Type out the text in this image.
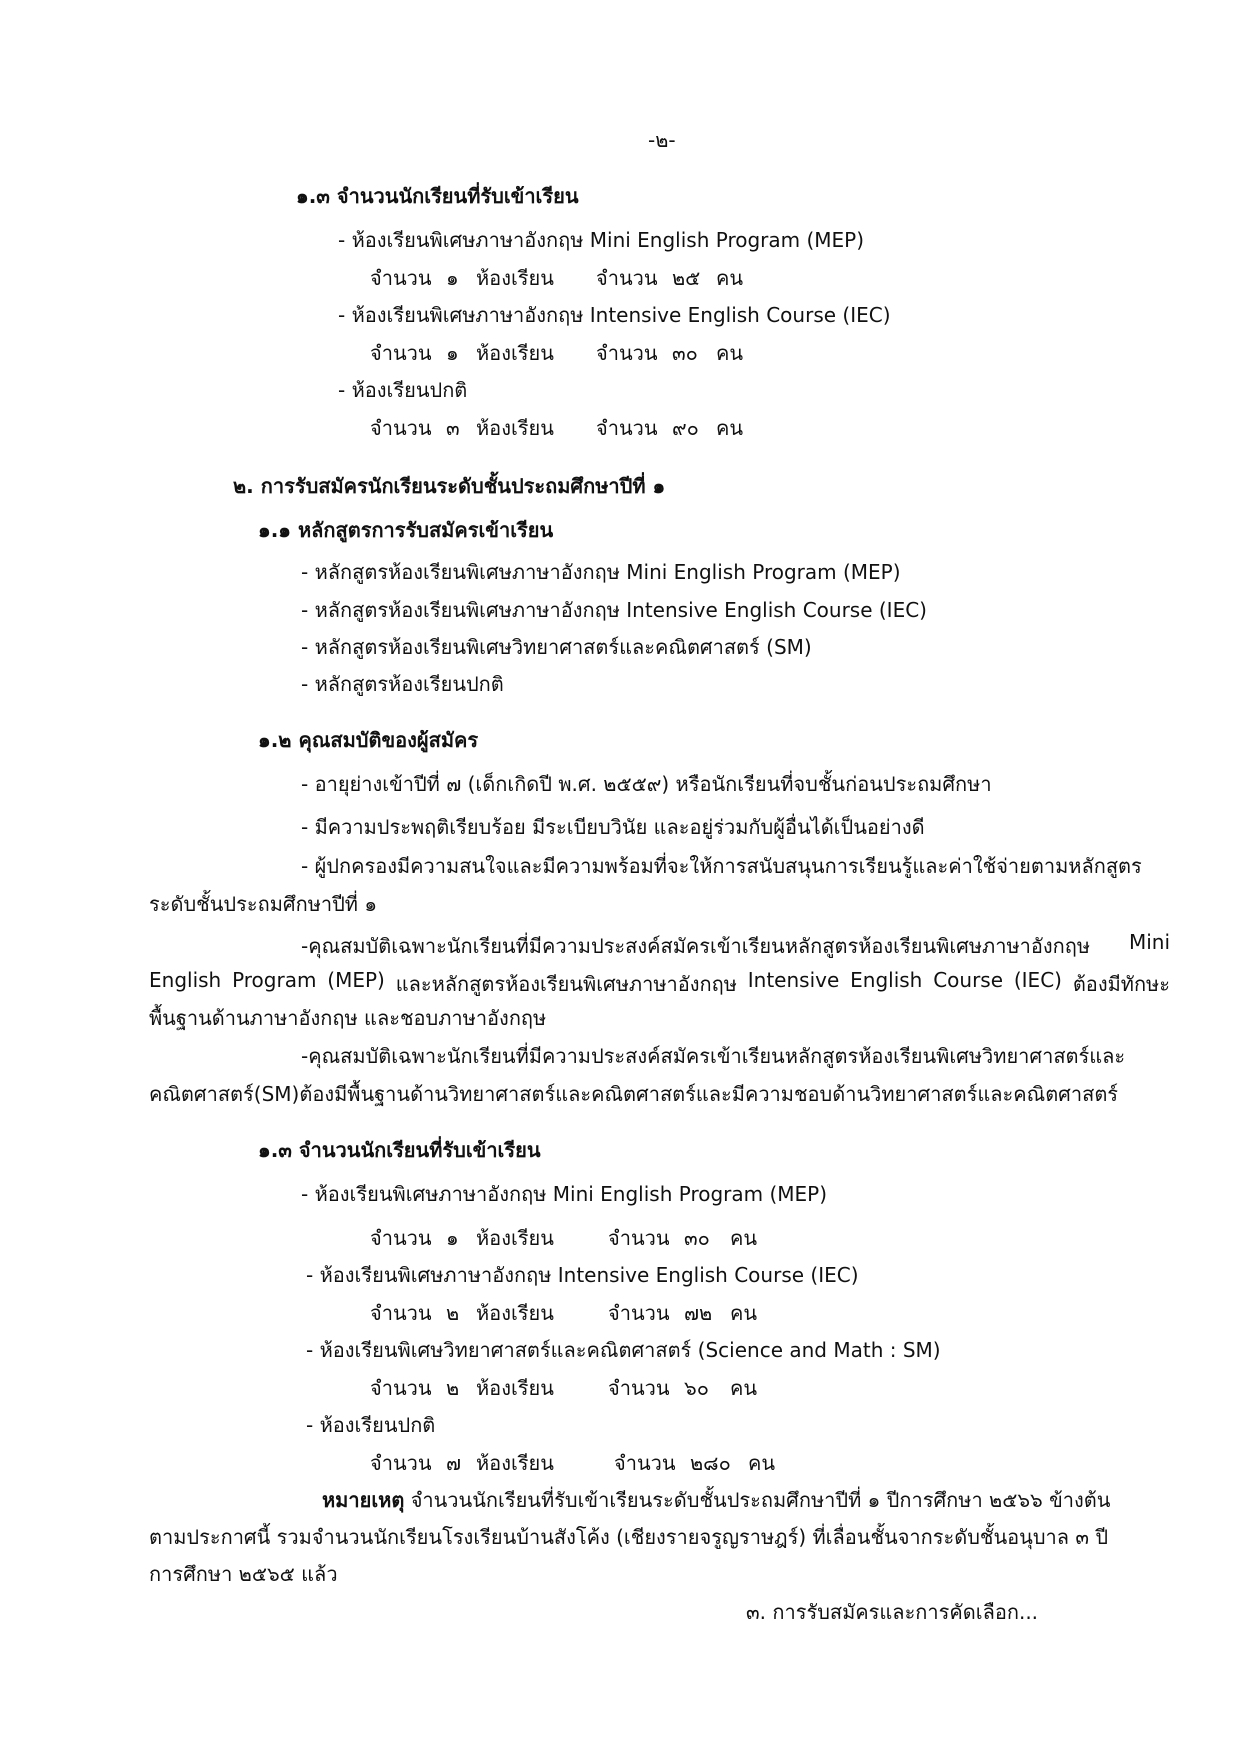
-๒-
๑.๓ จำนวนนักเรียนที่รับเข้าเรียน
- ห้องเรียนพิเศษภาษาอังกฤษ Mini English Program (MEP)
จำนวน ๑ ห้องเรียน จำนวน ๒๕ คน
- ห้องเรียนพิเศษภาษาอังกฤษ Intensive English Course (IEC)
จำนวน ๑ ห้องเรียน จำนวน ๓๐ คน
- ห้องเรียนปกติ
จำนวน ๓ ห้องเรียน จำนวน ๙๐ คน
๒. การรับสมัครนักเรียนระดับชั้นประถมศึกษาปีที่ ๑
๑.๑ หลักสูตรการรับสมัครเข้าเรียน
- หลักสูตรห้องเรียนพิเศษภาษาอังกฤษ Mini English Program (MEP)
- หลักสูตรห้องเรียนพิเศษภาษาอังกฤษ Intensive English Course (IEC)
- หลักสูตรห้องเรียนพิเศษวิทยาศาสตร์และคณิตศาสตร์ (SM)
- หลักสูตรห้องเรียนปกติ
๑.๒ คุณสมบัติของผู้สมัคร
- อายุย่างเข้าปีที่ ๗ (เด็กเกิดปี พ.ศ. ๒๕๕๙) หรือนักเรียนที่จบชั้นก่อนประถมศึกษา
- มีความประพฤติเรียบร้อย มีระเบียบวินัย และอยู่ร่วมกับผู้อื่นได้เป็นอย่างดี
- ผู้ปกครองมีความสนใจและมีความพร้อมที่จะให้การสนับสนุนการเรียนรู้และค่าใช้จ่ายตามหลักสูตร
ระดับชั้นประถมศึกษาปีที่ ๑
-คุณสมบัติเฉพาะนักเรียนที่มีความประสงค์สมัครเข้าเรียนหลักสูตรห้องเรียนพิเศษภาษาอังกฤษ Mini
English Program (MEP) และหลักสูตรห้องเรียนพิเศษภาษาอังกฤษ Intensive English Course (IEC) ต้องมีทักษะ
พื้นฐานด้านภาษาอังกฤษ และชอบภาษาอังกฤษ
-คุณสมบัติเฉพาะนักเรียนที่มีความประสงค์สมัครเข้าเรียนหลักสูตรห้องเรียนพิเศษวิทยาศาสตร์และ
คณิตศาสตร์(SM)ต้องมีพื้นฐานด้านวิทยาศาสตร์และคณิตศาสตร์และมีความชอบด้านวิทยาศาสตร์และคณิตศาสตร์
๑.๓ จำนวนนักเรียนที่รับเข้าเรียน
- ห้องเรียนพิเศษภาษาอังกฤษ Mini English Program (MEP)
จำนวน ๑ ห้องเรียน	จำนวน ๓๐ คน
- ห้องเรียนพิเศษภาษาอังกฤษ Intensive English Course (IEC)
จำนวน ๒ ห้องเรียน	จำนวน ๗๒ คน
- ห้องเรียนพิเศษวิทยาศาสตร์และคณิตศาสตร์ (Science and Math : SM)
จำนวน ๒ ห้องเรียน	จำนวน ๖๐ คน
- ห้องเรียนปกติ
จำนวน ๗ ห้องเรียน	จำนวน ๒๘๐ คน
หมายเหตุ จำนวนนักเรียนที่รับเข้าเรียนระดับชั้นประถมศึกษาปีที่ ๑ ปีการศึกษา ๒๕๖๖ ข้างต้น
ตามประกาศนี้ รวมจำนวนนักเรียนโรงเรียนบ้านสังโค้ง (เชียงรายจรูญราษฎร์) ที่เลื่อนชั้นจากระดับชั้นอนุบาล ๓ ปี
การศึกษา ๒๕๖๕ แล้ว
๓. การรับสมัครและการคัดเลือก...
